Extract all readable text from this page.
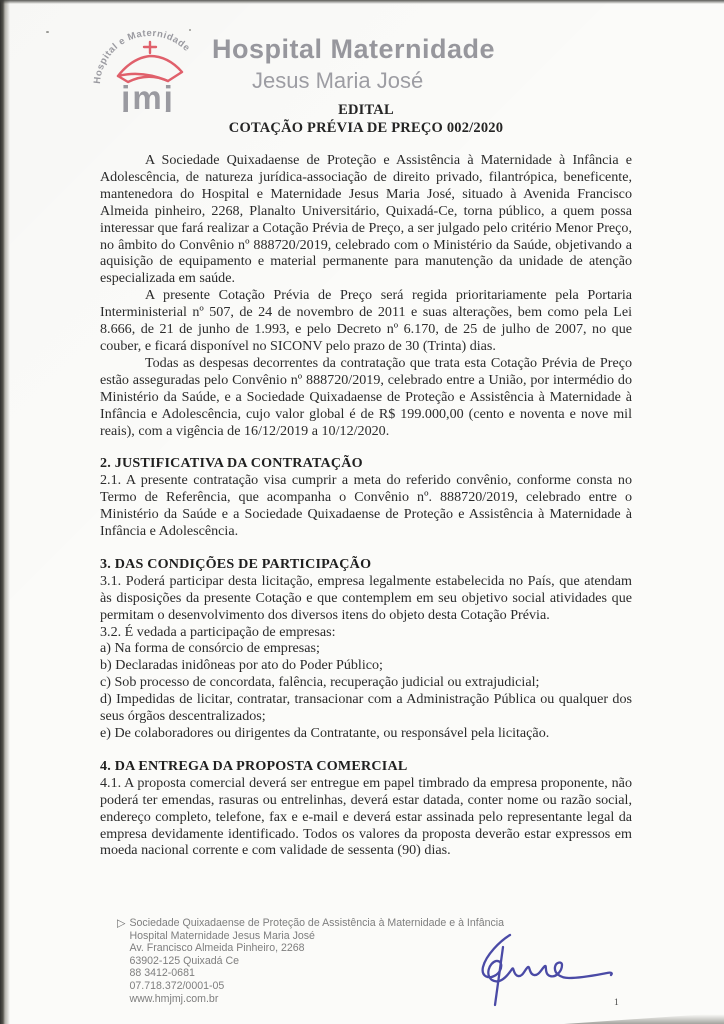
Hospital e Maternidade
jmj
Hospital Maternidade
Jesus Maria José
EDITAL
COTAÇÃO PRÉVIA DE PREÇO 002/2020

A Sociedade Quixadaense de Proteção e Assistência à Maternidade à Infância e Adolescência, de natureza jurídica-associação de direito privado, filantrópica, beneficente, mantenedora do Hospital e Maternidade Jesus Maria José, situado à Avenida Francisco Almeida pinheiro, 2268, Planalto Universitário, Quixadá-Ce, torna público, a quem possa interessar que fará realizar a Cotação Prévia de Preço, a ser julgado pelo critério Menor Preço, no âmbito do Convênio nº 888720/2019, celebrado com o Ministério da Saúde, objetivando a aquisição de equipamento e material permanente para manutenção da unidade de atenção especializada em saúde.

A presente Cotação Prévia de Preço será regida prioritariamente pela Portaria Interministerial nº 507, de 24 de novembro de 2011 e suas alterações, bem como pela Lei 8.666, de 21 de junho de 1.993, e pelo Decreto nº 6.170, de 25 de julho de 2007, no que couber, e ficará disponível no SICONV pelo prazo de 30 (Trinta) dias.

Todas as despesas decorrentes da contratação que trata esta Cotação Prévia de Preço estão asseguradas pelo Convênio nº 888720/2019, celebrado entre a União, por intermédio do Ministério da Saúde, e a Sociedade Quixadaense de Proteção e Assistência à Maternidade à Infância e Adolescência, cujo valor global é de R$ 199.000,00 (cento e noventa e nove mil reais), com a vigência de 16/12/2019 a 10/12/2020.

2. JUSTIFICATIVA DA CONTRATAÇÃO
2.1. A presente contratação visa cumprir a meta do referido convênio, conforme consta no Termo de Referência, que acompanha o Convênio nº. 888720/2019, celebrado entre o Ministério da Saúde e a Sociedade Quixadaense de Proteção e Assistência à Maternidade à Infância e Adolescência.
3. DAS CONDIÇÕES DE PARTICIPAÇÃO
3.1. Poderá participar desta licitação, empresa legalmente estabelecida no País, que atendam às disposições da presente Cotação e que contemplem em seu objetivo social atividades que permitam o desenvolvimento dos diversos itens do objeto desta Cotação Prévia.
3.2. É vedada a participação de empresas:
a) Na forma de consórcio de empresas;
b) Declaradas inidôneas por ato do Poder Público;
c) Sob processo de concordata, falência, recuperação judicial ou extrajudicial;
d) Impedidas de licitar, contratar, transacionar com a Administração Pública ou qualquer dos seus órgãos descentralizados;
e) De colaboradores ou dirigentes da Contratante, ou responsável pela licitação.
4. DA ENTREGA DA PROPOSTA COMERCIAL
4.1. A proposta comercial deverá ser entregue em papel timbrado da empresa proponente, não poderá ter emendas, rasuras ou entrelinhas, deverá estar datada, conter nome ou razão social, endereço completo, telefone, fax e e-mail e deverá estar assinada pelo representante legal da empresa devidamente identificado. Todos os valores da proposta deverão estar expressos em moeda nacional corrente e com validade de sessenta (90) dias.
▷ Sociedade Quixadaense de Proteção de Assistência à Maternidade e à Infância
Hospital Maternidade Jesus Maria José
Av. Francisco Almeida Pinheiro, 2268
63902-125 Quixadá Ce
88 3412-0681
07.718.372/0001-05
www.hmjmj.com.br	1
